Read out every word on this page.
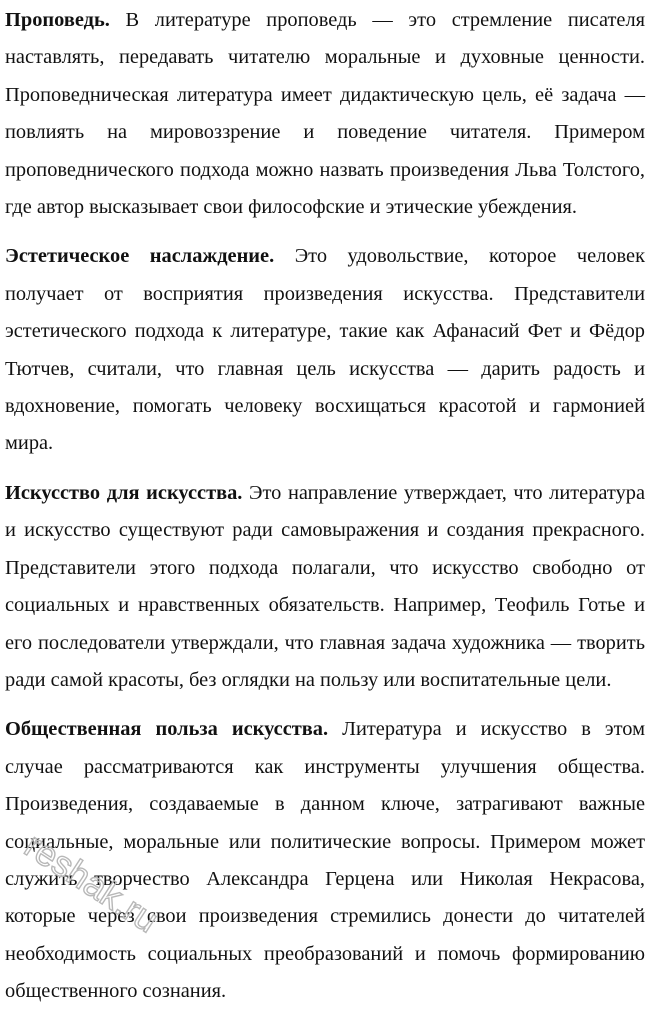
Проповедь. В литературе проповедь — это стремление писателя наставлять, передавать читателю моральные и духовные ценности. Проповедническая литература имеет дидактическую цель, её задача — повлиять на мировоззрение и поведение читателя. Примером проповеднического подхода можно назвать произведения Льва Толстого, где автор высказывает свои философские и этические убеждения.

Эстетическое наслаждение. Это удовольствие, которое человек получает от восприятия произведения искусства. Представители эстетического подхода к литературе, такие как Афанасий Фет и Фёдор Тютчев, считали, что главная цель искусства — дарить радость и вдохновение, помогать человеку восхищаться красотой и гармонией мира.

Искусство для искусства. Это направление утверждает, что литература и искусство существуют ради самовыражения и создания прекрасного. Представители этого подхода полагали, что искусство свободно от социальных и нравственных обязательств. Например, Теофиль Готье и его последователи утверждали, что главная задача художника — творить ради самой красоты, без оглядки на пользу или воспитательные цели.

Общественная польза искусства. Литература и искусство в этом случае рассматриваются как инструменты улучшения общества. Произведения, создаваемые в данном ключе, затрагивают важные социальные, моральные или политические вопросы. Примером может служить творчество Александра Герцена или Николая Некрасова, которые через свои произведения стремились донести до читателей необходимость социальных преобразований и помочь формированию общественного сознания.

reshak.ru
